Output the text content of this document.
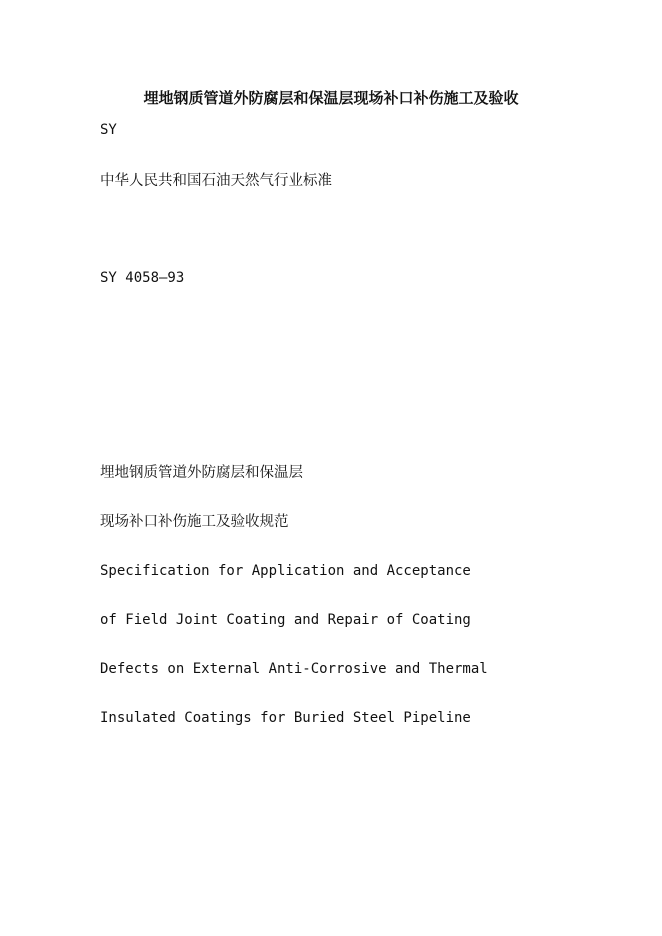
埋地钢质管道外防腐层和保温层现场补口补伤施工及验收
SY
中华人民共和国石油天然气行业标准
SY 4058—93
埋地钢质管道外防腐层和保温层
现场补口补伤施工及验收规范
Specification for Application and Acceptance
of Field Joint Coating and Repair of Coating
Defects on External Anti-Corrosive and Thermal
Insulated Coatings for Buried Steel Pipeline
